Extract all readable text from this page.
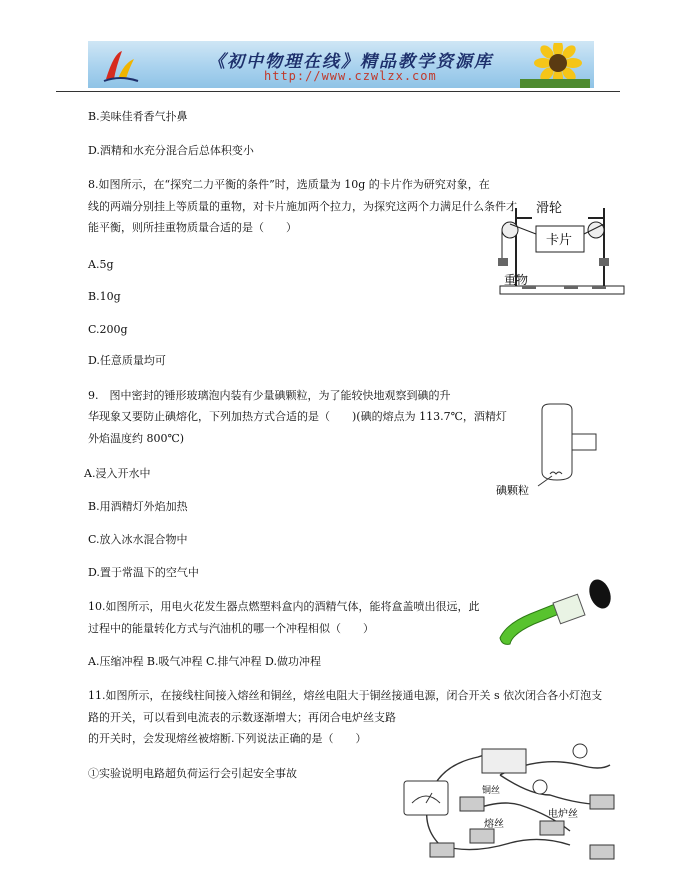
《初中物理在线》精品教学资源库
http://www.czwlzx.com
B.美味佳肴香气扑鼻
D.酒精和水充分混合后总体积变小
8.如图所示，在“探究二力平衡的条件”时，选质量为 10g 的卡片作为研究对象，在
线的两端分别挂上等质量的重物，对卡片施加两个拉力，为探究这两个力满足什么条件才
能平衡，则所挂重物质量合适的是（　　）
A.5g
B.10g
C.200g
D.任意质量均可
9.　图中密封的锤形玻璃泡内装有少量碘颗粒，为了能较快地观察到碘的升
华现象又要防止碘熔化，下列加热方式合适的是（　　)(碘的熔点为 113.7℃，酒精灯
外焰温度约 800℃)
A.浸入开水中
B.用酒精灯外焰加热
C.放入冰水混合物中
D.置于常温下的空气中
10.如图所示，用电火花发生器点燃塑料盒内的酒精气体，能将盒盖喷出很远，此
过程中的能量转化方式与汽油机的哪一个冲程相似（　　）
A.压缩冲程 B.吸气冲程 C.排气冲程 D.做功冲程
11.如图所示，在接线柱间接入熔丝和铜丝，熔丝电阻大于铜丝接通电源，闭合开关 s 依次闭合各小灯泡支
路的开关，可以看到电流表的示数逐渐增大；再闭合电炉丝支路
的开关时，会发现熔丝被熔断.下列说法正确的是（　　）
①实验说明电路超负荷运行会引起安全事故
滑轮
卡片
重物
碘颗粒
铜丝
熔丝
电炉丝
